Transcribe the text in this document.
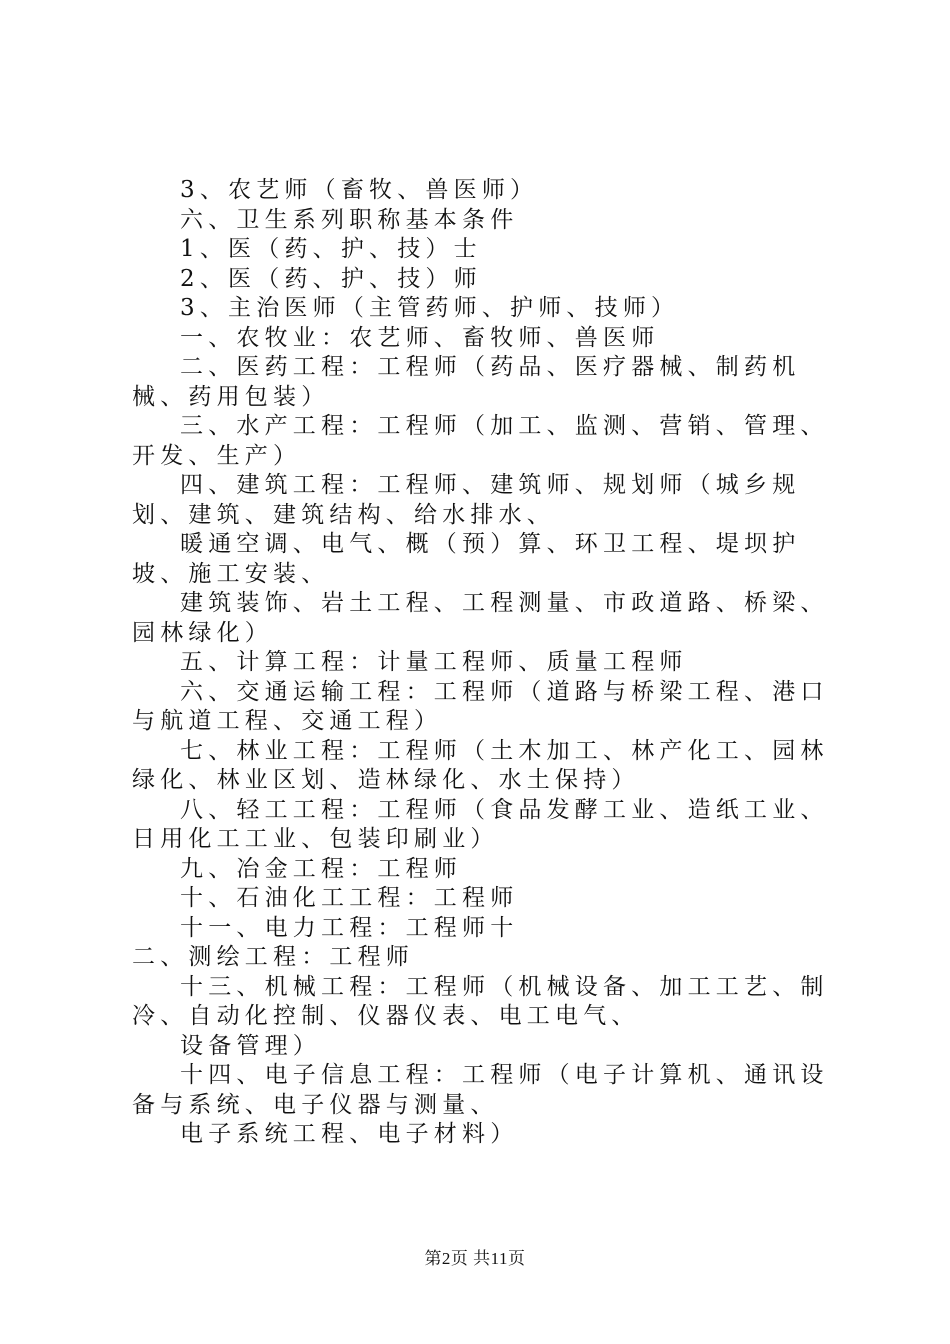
3、农艺师（畜牧、兽医师）

六、卫生系列职称基本条件

1、医（药、护、技）士

2、医（药、护、技）师

3、主治医师（主管药师、护师、技师）

一、农牧业：农艺师、畜牧师、兽医师

二、医药工程：工程师（药品、医疗器械、制药机械、药用包装）

三、水产工程：工程师（加工、监测、营销、管理、开发、生产）

四、建筑工程：工程师、建筑师、规划师（城乡规划、建筑、建筑结构、给水排水、

暖通空调、电气、概（预）算、环卫工程、堤坝护坡、施工安装、

建筑装饰、岩土工程、工程测量、市政道路、桥梁、园林绿化）

五、计算工程：计量工程师、质量工程师

六、交通运输工程：工程师（道路与桥梁工程、港口与航道工程、交通工程）

七、林业工程：工程师（土木加工、林产化工、园林绿化、林业区划、造林绿化、水土保持）

八、轻工工程：工程师（食品发酵工业、造纸工业、日用化工工业、包装印刷业）

九、冶金工程：工程师

十、石油化工工程：工程师

十一、电力工程：工程师十

二、测绘工程：工程师

十三、机械工程：工程师（机械设备、加工工艺、制冷、自动化控制、仪器仪表、电工电气、

设备管理）

十四、电子信息工程：工程师（电子计算机、通讯设备与系统、电子仪器与测量、

电子系统工程、电子材料）

第2页 共11页
